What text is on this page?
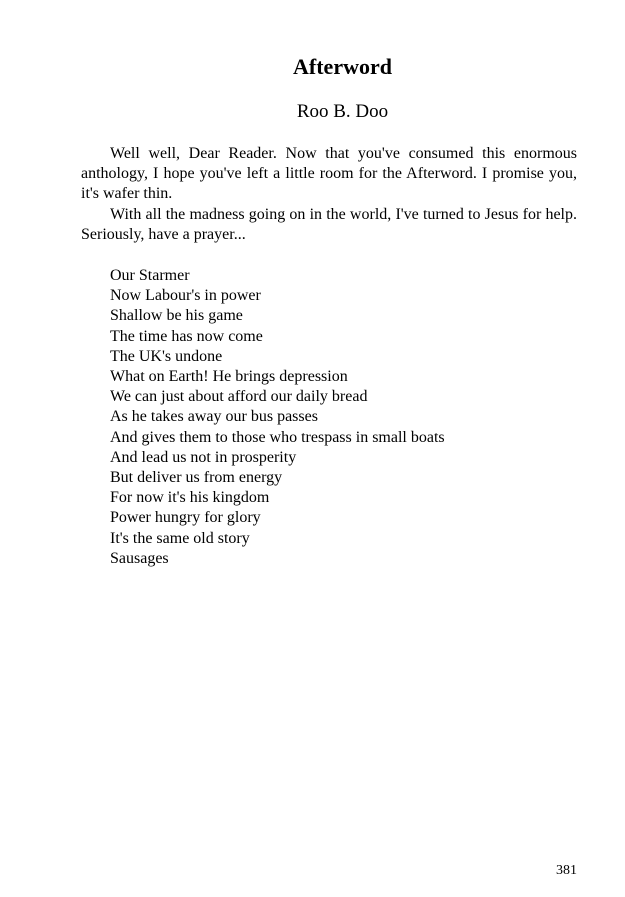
Afterword
Roo B. Doo

Well well, Dear Reader. Now that you've consumed this enormous anthology, I hope you've left a little room for the Afterword. I promise you, it's wafer thin.

With all the madness going on in the world, I've turned to Jesus for help. Seriously, have a prayer...

Our Starmer
Now Labour's in power
Shallow be his game
The time has now come
The UK's undone
What on Earth! He brings depression
We can just about afford our daily bread
As he takes away our bus passes
And gives them to those who trespass in small boats
And lead us not in prosperity
But deliver us from energy
For now it's his kingdom
Power hungry for glory
It's the same old story
Sausages
381
